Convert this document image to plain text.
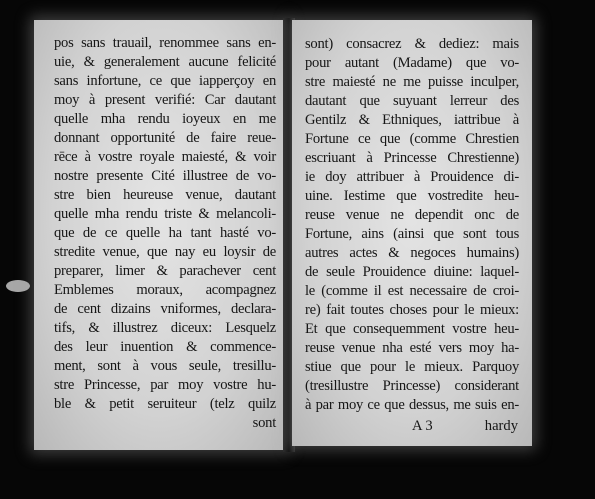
pos sans trauail, renommee sans en-
uie, & generalement aucune felicité
sans infortune, ce que iapperçoy en
moy à present verifié: Car dautant
quelle mha rendu ioyeux en me
donnant opportunité de faire reue-
rēce à vostre royale maiesté, & voir
nostre presente Cité illustree de vo-
stre bien heureuse venue, dautant
quelle mha rendu triste & melancoli-
que de ce quelle ha tant hasté vo-
stredite venue, que nay eu loysir de
preparer, limer & parachever cent
Emblemes moraux, acompagnez
de cent dizains vniformes, declara-
tifs, & illustrez diceux: Lesquelz
des leur inuention & commence-
ment, sont à vous seule, tresillu-
stre Princesse, par moy vostre hu-
ble & petit seruiteur (telz quilz
sont
sont) consacrez & dediez: mais
pour autant (Madame) que vo-
stre maiesté ne me puisse inculper,
dautant que suyuant lerreur des
Gentilz & Ethniques, iattribue à
Fortune ce que (comme Chrestien
escriuant à Princesse Chrestienne)
ie doy attribuer à Prouidence di-
uine. Iestime que vostredite heu-
reuse venue ne dependit onc de
Fortune, ains (ainsi que sont tous
autres actes & negoces humains)
de seule Prouidence diuine: laquel-
le (comme il est necessaire de croi-
re) fait toutes choses pour le mieux:
Et que consequemment vostre heu-
reuse venue nha esté vers moy ha-
stiue que pour le mieux. Parquoy
(tresillustre Princesse) considerant
à par moy ce que dessus, me suis en-
A 3	hardy
